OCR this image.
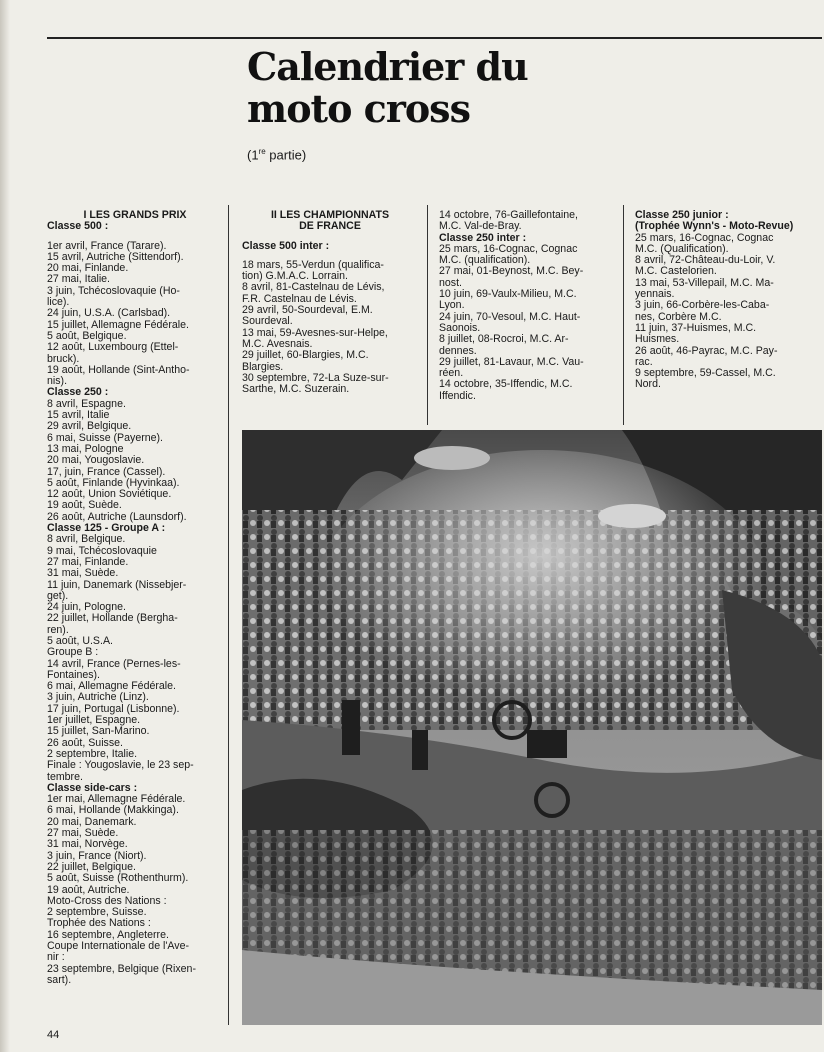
Calendrier du
moto cross
(1re partie)
I LES GRANDS PRIX
Classe 500 :
1er avril, France (Tarare).
15 avril, Autriche (Sittendorf).
20 mai, Finlande.
27 mai, Italie.
3 juin, Tchécoslovaquie (Ho-
lice).
24 juin, U.S.A. (Carlsbad).
15 juillet, Allemagne Fédérale.
5 août, Belgique.
12 août, Luxembourg (Ettel-
bruck).
19 août, Hollande (Sint-Antho-
nis).
Classe 250 :
8 avril, Espagne.
15 avril, Italie
29 avril, Belgique.
6 mai, Suisse (Payerne).
13 mai, Pologne
20 mai, Yougoslavie.
17, juin, France (Cassel).
5 août, Finlande (Hyvinkaa).
12 août, Union Soviétique.
19 août, Suède.
26 août, Autriche (Launsdorf).
Classe 125 - Groupe A :
8 avril, Belgique.
9 mai, Tchécoslovaquie
27 mai, Finlande.
31 mai, Suède.
11 juin, Danemark (Nissebjer-
get).
24 juin, Pologne.
22 juillet, Hollande (Bergha-
ren).
5 août, U.S.A.
Groupe B :
14 avril, France (Pernes-les-
Fontaines).
6 mai, Allemagne Fédérale.
3 juin, Autriche (Linz).
17 juin, Portugal (Lisbonne).
1er juillet, Espagne.
15 juillet, San-Marino.
26 août, Suisse.
2 septembre, Italie.
Finale : Yougoslavie, le 23 sep-
tembre.
Classe side-cars :
1er mai, Allemagne Fédérale.
6 mai, Hollande (Makkinga).
20 mai, Danemark.
27 mai, Suède.
31 mai, Norvège.
3 juin, France (Niort).
22 juillet, Belgique.
5 août, Suisse (Rothenthurm).
19 août, Autriche.
Moto-Cross des Nations :
2 septembre, Suisse.
Trophée des Nations :
16 septembre, Angleterre.
Coupe Internationale de l'Ave-
nir :
23 septembre, Belgique (Rixen-
sart).
II LES CHAMPIONNATS
DE FRANCE
Classe 500 inter :
18 mars, 55-Verdun (qualifica-
tion) G.M.A.C. Lorrain.
8 avril, 81-Castelnau de Lévis,
F.R. Castelnau de Lévis.
29 avril, 50-Sourdeval, E.M.
Sourdeval.
13 mai, 59-Avesnes-sur-Helpe,
M.C. Avesnais.
29 juillet, 60-Blargies, M.C.
Blargies.
30 septembre, 72-La Suze-sur-
Sarthe, M.C. Suzerain.
14 octobre, 76-Gaillefontaine,
M.C. Val-de-Bray.
Classe 250 inter :
25 mars, 16-Cognac, Cognac
M.C. (qualification).
27 mai, 01-Beynost, M.C. Bey-
nost.
10 juin, 69-Vaulx-Milieu, M.C.
Lyon.
24 juin, 70-Vesoul, M.C. Haut-
Saonois.
8 juillet, 08-Rocroi, M.C. Ar-
dennes.
29 juillet, 81-Lavaur, M.C. Vau-
réen.
14 octobre, 35-Iffendic, M.C.
Iffendic.
Classe 250 junior :
(Trophée Wynn's - Moto-Revue)
25 mars, 16-Cognac, Cognac
M.C. (Qualification).
8 avril, 72-Château-du-Loir, V.
M.C. Castelorien.
13 mai, 53-Villepail, M.C. Ma-
yennais.
3 juin, 66-Corbère-les-Caba-
nes, Corbère M.C.
11 juin, 37-Huismes, M.C.
Huismes.
26 août, 46-Payrac, M.C. Pay-
rac.
9 septembre, 59-Cassel, M.C.
Nord.
44
